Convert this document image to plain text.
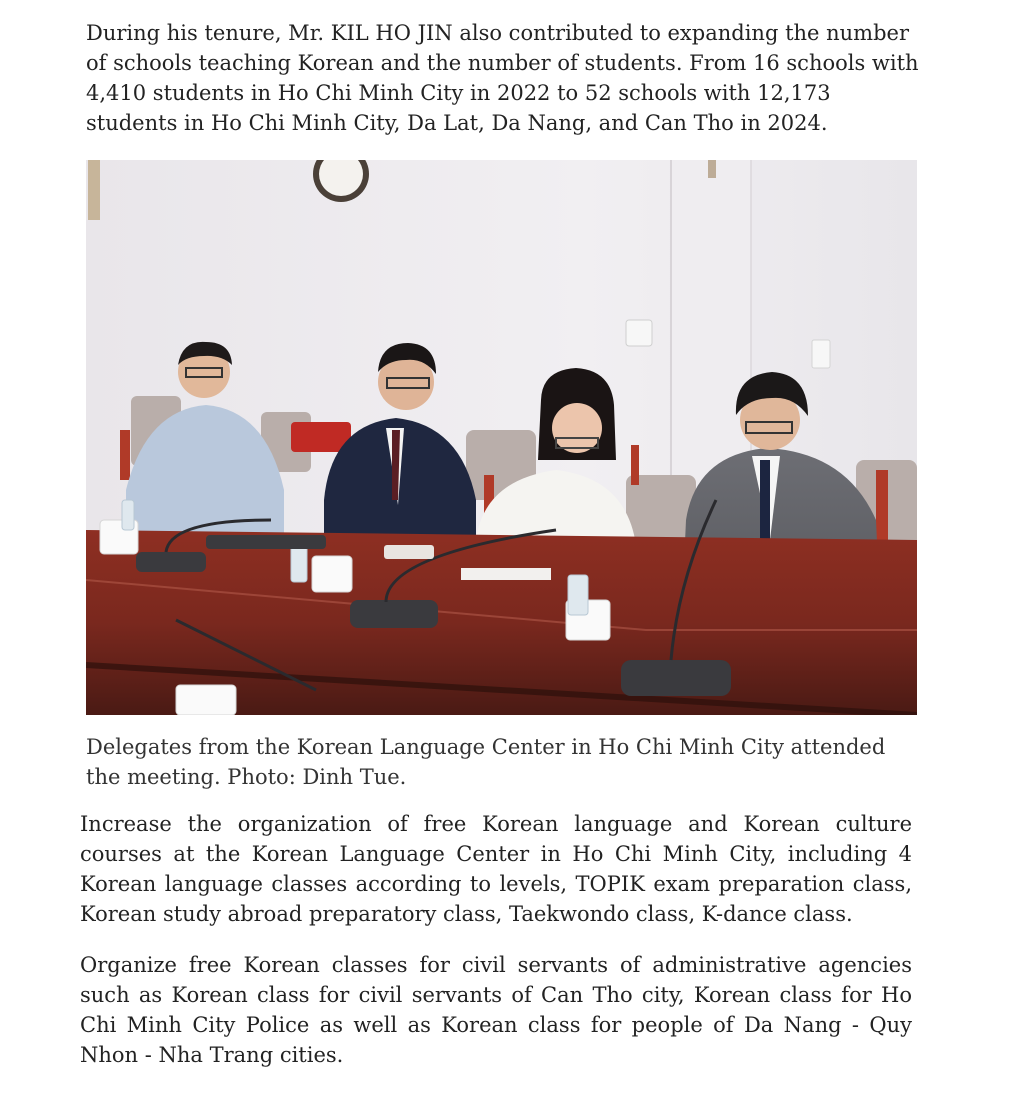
During his tenure, Mr. KIL HO JIN also contributed to expanding the number of schools teaching Korean and the number of students. From 16 schools with 4,410 students in Ho Chi Minh City in 2022 to 52 schools with 12,173 students in Ho Chi Minh City, Da Lat, Da Nang, and Can Tho in 2024.

Delegates from the Korean Language Center in Ho Chi Minh City attended the meeting. Photo: Dinh Tue.

Increase the organization of free Korean language and Korean culture courses at the Korean Language Center in Ho Chi Minh City, including 4 Korean language classes according to levels, TOPIK exam preparation class, Korean study abroad preparatory class, Taekwondo class, K-dance class.

Organize free Korean classes for civil servants of administrative agencies such as Korean class for civil servants of Can Tho city, Korean class for Ho Chi Minh City Police as well as Korean class for people of Da Nang - Quy Nhon - Nha Trang cities.
